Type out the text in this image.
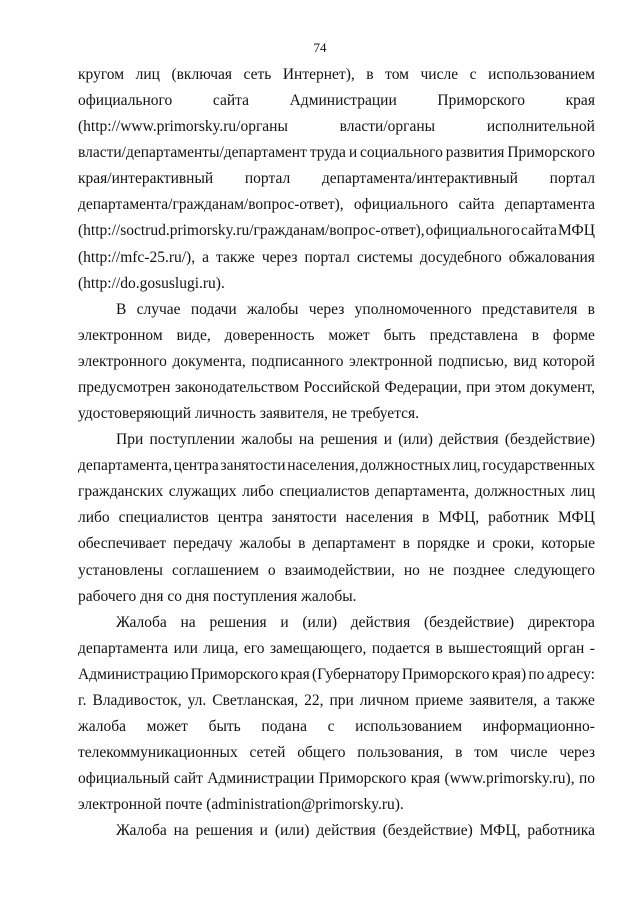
74
кругом лиц (включая сеть Интернет), в том числе с использованием
официального	сайта	Администрации	Приморского	края
(http://www.primorsky.ru/органы	власти/органы	исполнительной
власти/департаменты/департамент труда и социального развития Приморского
края/интерактивный портал департамента/интерактивный портал
департамента/гражданам/вопрос-ответ), официального сайта департамента
(http://soctrud.primorsky.ru/гражданам/вопрос-ответ), официального сайта МФЦ
(http://mfc-25.ru/), а также через портал системы досудебного обжалования
(http://do.gosuslugi.ru).
В случае подачи жалобы через уполномоченного представителя в
электронном виде, доверенность может быть представлена в форме
электронного документа, подписанного электронной подписью, вид которой
предусмотрен законодательством Российской Федерации, при этом документ,
удостоверяющий личность заявителя, не требуется.
При поступлении жалобы на решения и (или) действия (бездействие)
департамента, центра занятости населения, должностных лиц, государственных
гражданских служащих либо специалистов департамента, должностных лиц
либо специалистов центра занятости населения в МФЦ, работник МФЦ
обеспечивает передачу жалобы в департамент в порядке и сроки, которые
установлены соглашением о взаимодействии, но не позднее следующего
рабочего дня со дня поступления жалобы.
Жалоба на решения и (или) действия (бездействие) директора
департамента или лица, его замещающего, подается в вышестоящий орган -
Администрацию Приморского края (Губернатору Приморского края) по адресу:
г. Владивосток, ул. Светланская, 22, при личном приеме заявителя, а также
жалоба может быть подана с использованием информационно-
телекоммуникационных сетей общего пользования, в том числе через
официальный сайт Администрации Приморского края (www.primorsky.ru), по
электронной почте (administration@primorsky.ru).
Жалоба на решения и (или) действия (бездействие) МФЦ, работника
